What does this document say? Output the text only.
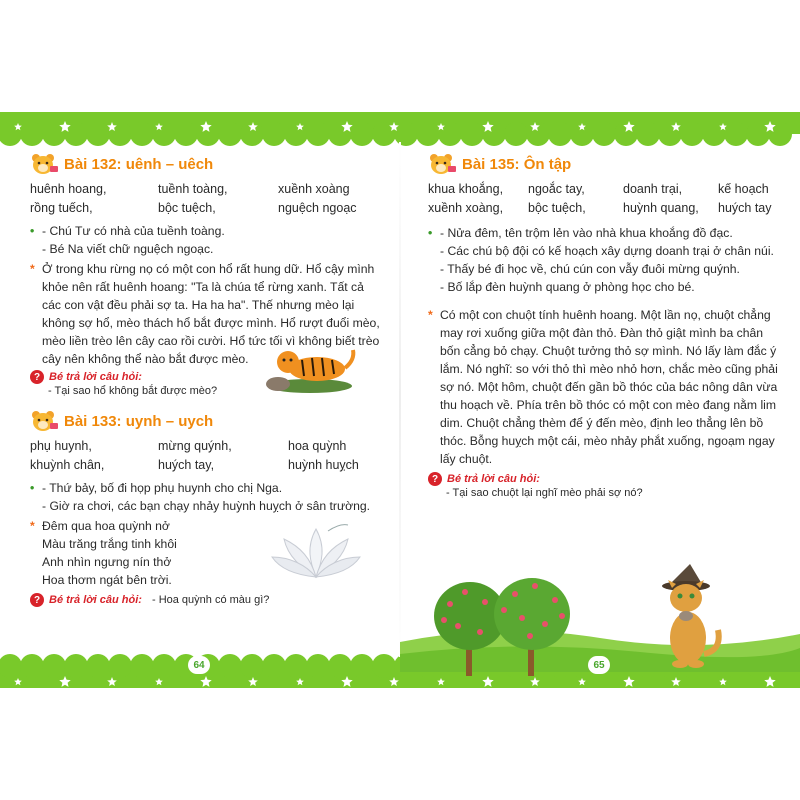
Bài 132: uênh – uêch
huênh hoang,	tuềnh toàng,	xuềnh xoàng
rồng tuếch,	bộc tuệch,	nguệch ngoạc
• - Chú Tư có nhà của tuềnh toàng.
- Bé Na viết chữ nguệch ngoạc.
* Ở trong khu rừng nọ có một con hổ rất hung dữ. Hổ cậy mình khỏe nên rất huênh hoang: "Ta là chúa tể rừng xanh. Tất cả các con vật đều phải sợ ta. Ha ha ha". Thế nhưng mèo lại không sợ hổ, mèo thách hổ bắt được mình. Hổ rượt đuổi mèo, mèo liền trèo lên cây cao rồi cười. Hổ tức tối vì không biết trèo cây nên không thể nào bắt được mèo.
? Bé trả lời câu hỏi:
- Tại sao hổ không bắt được mèo?
Bài 133: uynh – uych
phụ huynh,	mừng quýnh,	hoa quỳnh
khuỳnh chân,	huých tay,	huỳnh huỵch
• - Thứ bảy, bố đi họp phụ huynh cho chị Nga.
- Giờ ra chơi, các bạn chạy nhảy huỳnh huỵch ở sân trường.
* Đêm qua hoa quỳnh nở
Màu trăng trắng tinh khôi
Anh nhìn ngưng nín thở
Hoa thơm ngát bên trời.
? Bé trả lời câu hỏi: - Hoa quỳnh có màu gì?
Bài 135: Ôn tập
khua khoắng,	ngoắc tay,	doanh trại,	kế hoạch
xuềnh xoàng,	bộc tuệch,	huỳnh quang,	huých tay
• - Nửa đêm, tên trộm lẻn vào nhà khua khoắng đồ đạc.
- Các chú bộ đội có kế hoạch xây dựng doanh trại ở chân núi.
- Thấy bé đi học về, chú cún con vẫy đuôi mừng quýnh.
- Bố lắp đèn huỳnh quang ở phòng học cho bé.
* Có một con chuột tính huênh hoang. Một lần nọ, chuột chẳng may rơi xuống giữa một đàn thỏ. Đàn thỏ giật mình ba chân bốn cẳng bỏ chạy. Chuột tưởng thỏ sợ mình. Nó lấy làm đắc ý lắm. Nó nghĩ: so với thỏ thì mèo nhỏ hơn, chắc mèo cũng phải sợ nó. Một hôm, chuột đến gần bồ thóc của bác nông dân vừa thu hoạch về. Phía trên bồ thóc có một con mèo đang nằm lim dim. Chuột chẳng thèm để ý đến mèo, định leo thẳng lên bồ thóc. Bỗng huỵch một cái, mèo nhảy phắt xuống, ngoạm ngay lấy chuột.
? Bé trả lời câu hỏi:
- Tại sao chuột lại nghĩ mèo phải sợ nó?
64	65
